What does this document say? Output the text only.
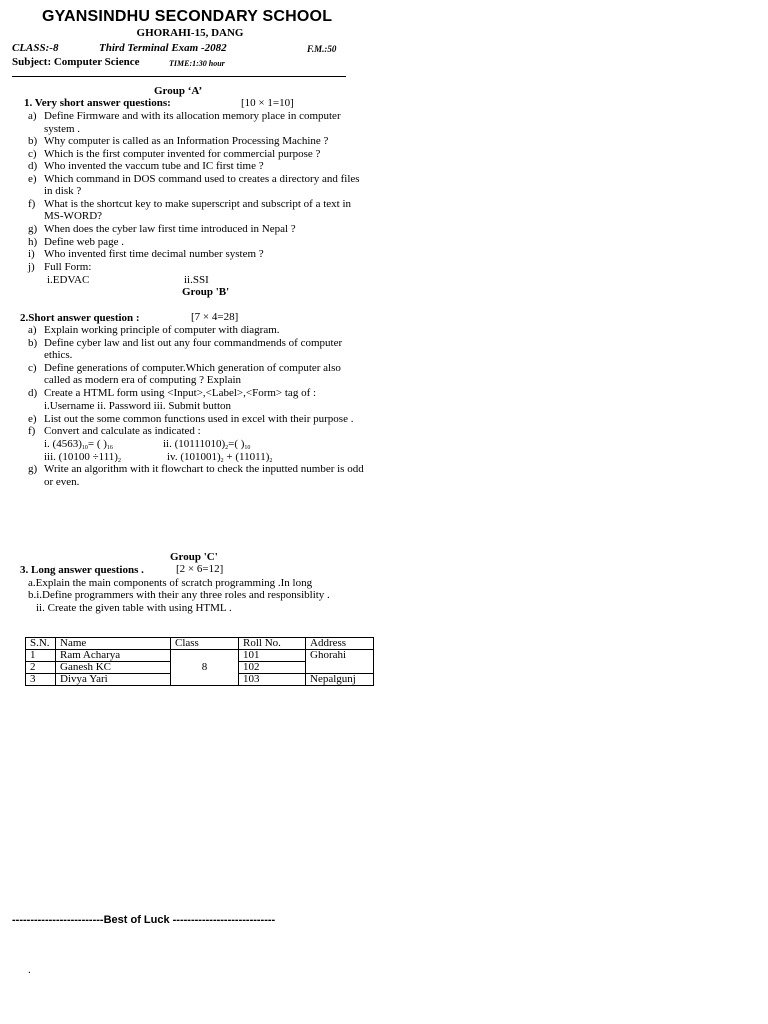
GYANSINDHU SECONDARY SCHOOL
GHORAHI-15, DANG
CLASS:-8	Third Terminal Exam -2082	F.M.:50
Subject: Computer Science	TIME:1:30 hour
Group ‘A’
1. Very short answer questions:	[10 × 1=10]
a) Define Firmware and with its allocation memory place in computer
system .
b) Why computer is called as an Information Processing Machine ?
c) Which is the first computer invented for commercial purpose ?
d) Who invented the vaccum tube and IC first time ?
e) Which command in DOS command used to creates a directory and files
in disk ?
f) What is the shortcut key to make superscript and subscript of a text in
MS-WORD?
g) When does the cyber law first time introduced in Nepal ?
h) Define web page .
i) Who invented first time decimal number system ?
j) Full Form:
i.EDVAC	ii.SSI
Group 'B'
2.Short answer question :	[7 × 4=28]
a) Explain working principle of computer with diagram.
b) Define cyber law and list out any four commandmends of computer
ethics.
c) Define generations of computer.Which generation of computer also
called as modern era of computing ? Explain
d) Create a HTML form using <Input>,<Label>,<Form> tag of :
i.Username ii. Password iii. Submit button
e) List out the some common functions used in excel with their purpose .
f) Convert and calculate as indicated :
i. $(4563)_{10}=$ ( )$_{16}$	ii. $(10111010)_2=$( )$_{10}$
iii. $(10100 \div 111)_2$	iv. $(101001)_2 + (11011)_2$
g) Write an algorithm with it flowchart to check the inputted number is odd
or even.
Group 'C'
3. Long answer questions .	[2 × 6=12]
a.Explain the main components of scratch programming .In long
b.i.Define programmers with their any three roles and responsiblity .
ii. Create the given table with using HTML .
S.N.	Name	Class	Roll No.	Address
1	Ram Acharya	8	101	Ghorahi
2	Ganesh KC		102	
3	Divya Yari		103	Nepalgunj
-------------------------Best of Luck ----------------------------
.
